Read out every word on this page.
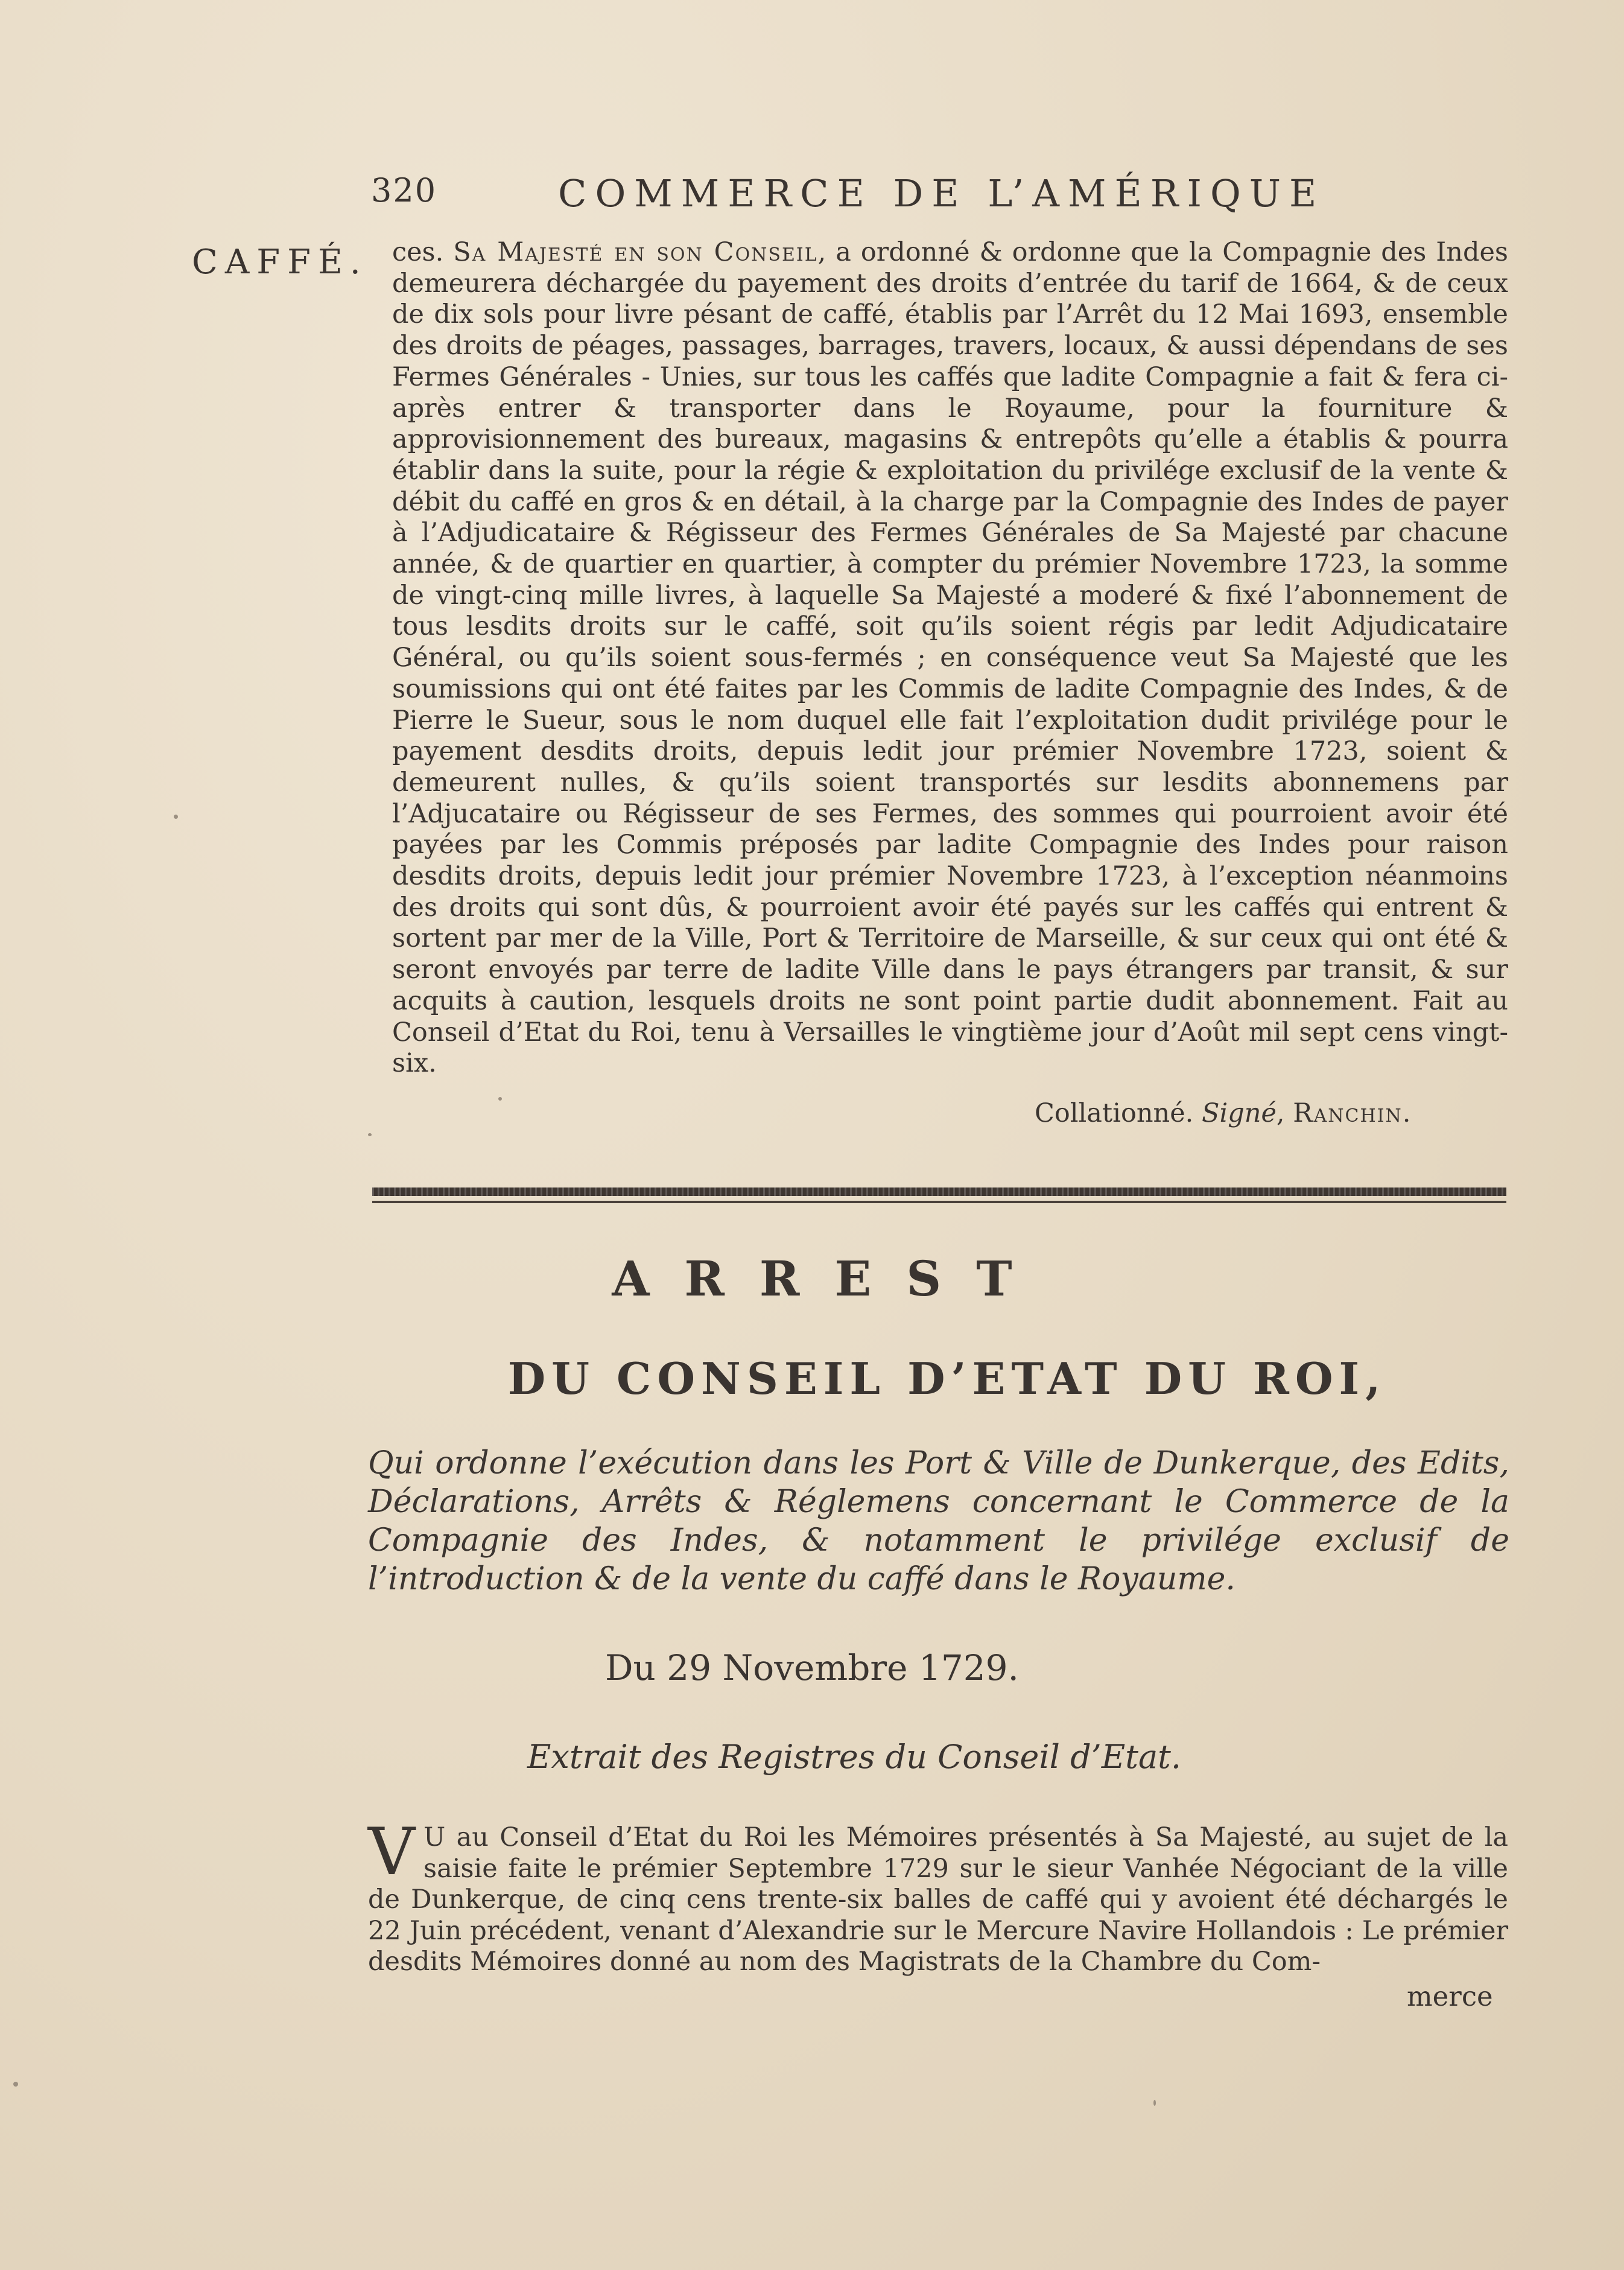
320	COMMERCE DE L’AMÉRIQUE
CAFFÉ. ces. Sa Majesté en son Conseil, a ordonné & ordonne que la Compagnie des Indes demeurera déchargée du payement des droits d’entrée du tarif de 1664, & de ceux de dix sols pour livre pésant de caffé, établis par l’Arrêt du 12 Mai 1693, ensemble des droits de péages, passages, barrages, travers, locaux, & aussi dépendans de ses Fermes Générales - Unies, sur tous les caffés que ladite Compagnie a fait & fera ci-après entrer & transporter dans le Royaume, pour la fourniture & approvisionnement des bureaux, magasins & entrepôts qu’elle a établis & pourra établir dans la suite, pour la régie & exploitation du privilége exclusif de la vente & débit du caffé en gros & en détail, à la charge par la Compagnie des Indes de payer à l’Adjudicataire & Régisseur des Fermes Générales de Sa Majesté par chacune année, & de quartier en quartier, à compter du prémier Novembre 1723, la somme de vingt-cinq mille livres, à laquelle Sa Majesté a moderé & fixé l’abonnement de tous lesdits droits sur le caffé, soit qu’ils soient régis par ledit Adjudicataire Général, ou qu’ils soient sous-fermés ; en conséquence veut Sa Majesté que les soumissions qui ont été faites par les Commis de ladite Compagnie des Indes, & de Pierre le Sueur, sous le nom duquel elle fait l’exploitation dudit privilége pour le payement desdits droits, depuis ledit jour prémier Novembre 1723, soient & demeurent nulles, & qu’ils soient transportés sur lesdits abonnemens par l’Adjucataire ou Régisseur de ses Fermes, des sommes qui pourroient avoir été payées par les Commis préposés par ladite Compagnie des Indes pour raison desdits droits, depuis ledit jour prémier Novembre 1723, à l’exception néanmoins des droits qui sont dûs, & pourroient avoir été payés sur les caffés qui entrent & sortent par mer de la Ville, Port & Territoire de Marseille, & sur ceux qui ont été & seront envoyés par terre de ladite Ville dans le pays étrangers par transit, & sur acquits à caution, lesquels droits ne sont point partie dudit abonnement. Fait au Conseil d’Etat du Roi, tenu à Versailles le vingtième jour d’Août mil sept cens vingt-six.
Collationné. Signé, Ranchin.
ARREST
DU CONSEIL D’ETAT DU ROI,
Qui ordonne l’exécution dans les Port & Ville de Dunkerque, des Edits, Déclarations, Arrêts & Réglemens concernant le Commerce de la Compagnie des Indes, & notamment le privilége exclusif de l’introduction & de la vente du caffé dans le Royaume.
Du 29 Novembre 1729.
Extrait des Registres du Conseil d’Etat.
V U au Conseil d’Etat du Roi les Mémoires présentés à Sa Majesté, au sujet de la saisie faite le prémier Septembre 1729 sur le sieur Vanhée Négociant de la ville de Dunkerque, de cinq cens trente-six balles de caffé qui y avoient été déchargés le 22 Juin précédent, venant d’Alexandrie sur le Mercure Navire Hollandois : Le prémier desdits Mémoires donné au nom des Magistrats de la Chambre du Com-
merce
